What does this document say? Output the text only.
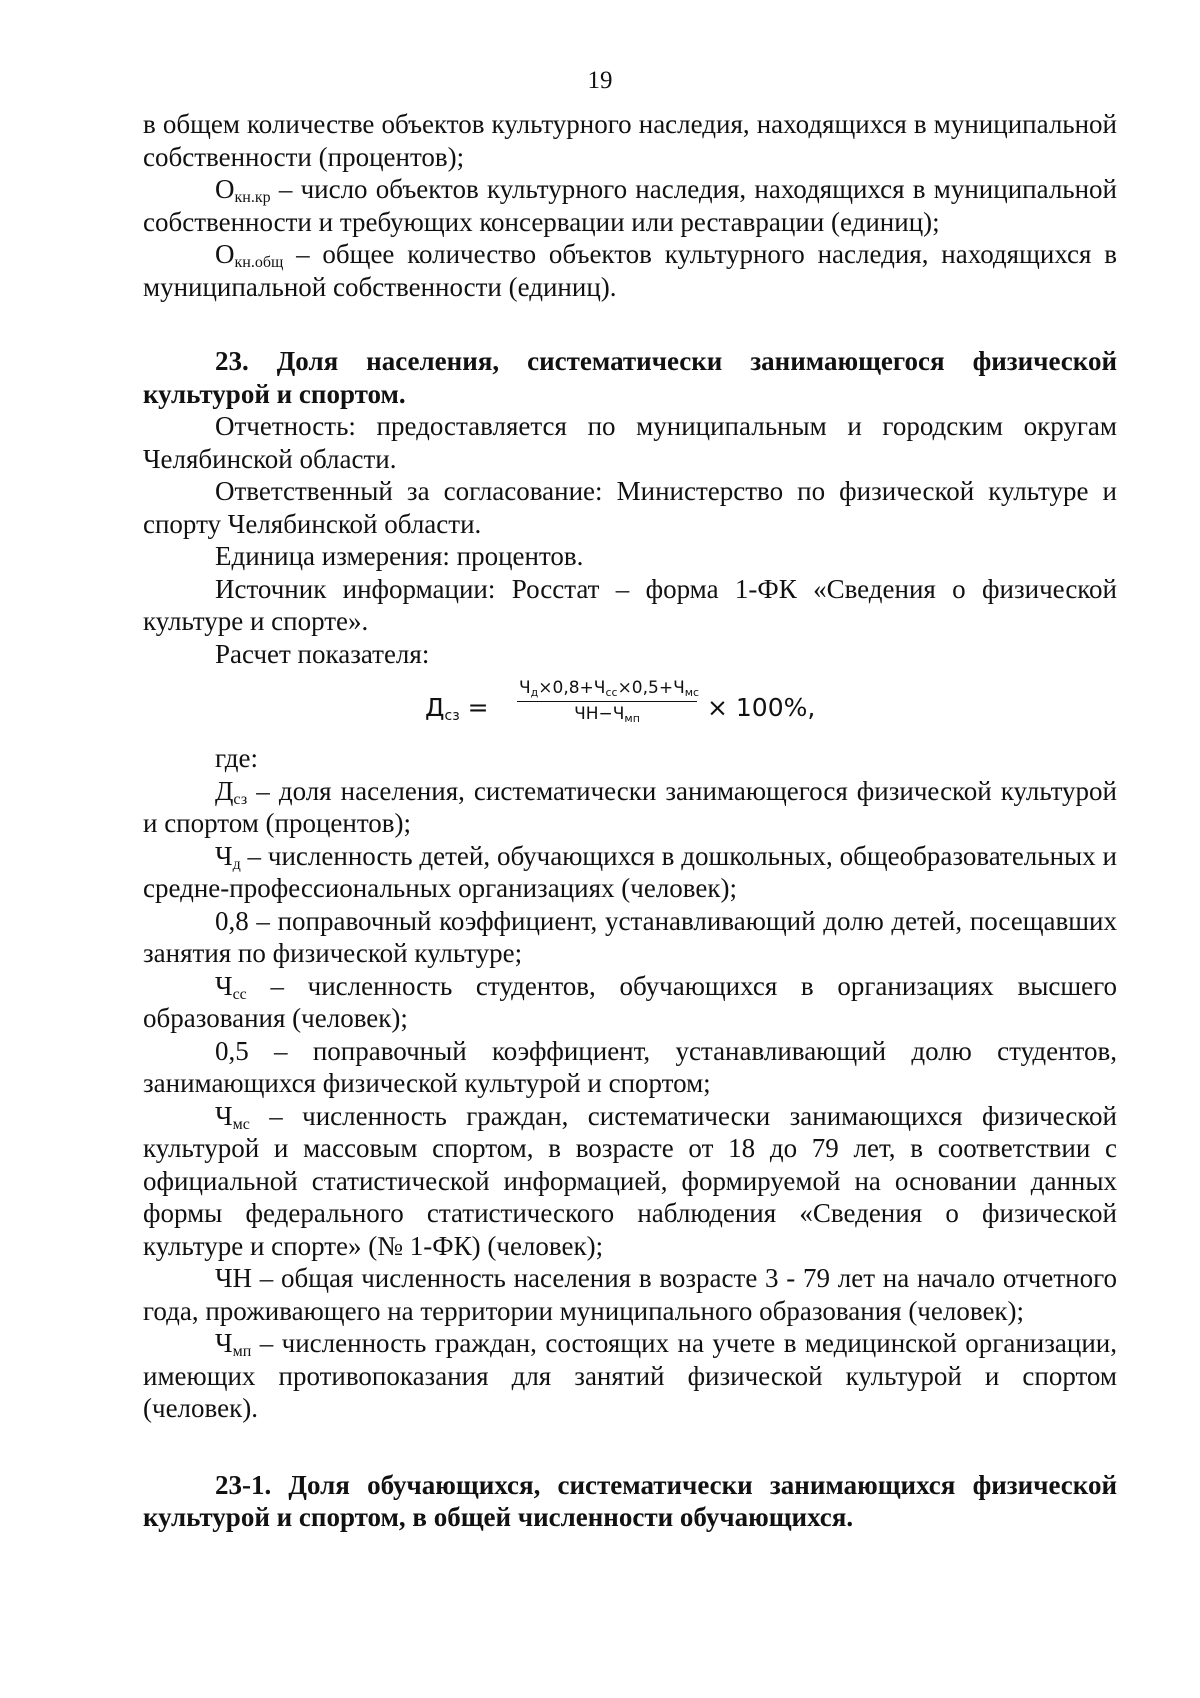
19

в общем количестве объектов культурного наследия, находящихся в муниципальной собственности (процентов);

$О_{кн.кр}$ – число объектов культурного наследия, находящихся в муниципальной собственности и требующих консервации или реставрации (единиц);

$О_{кн.общ}$ – общее количество объектов культурного наследия, находящихся в муниципальной собственности (единиц).

23. Доля населения, систематически занимающегося физической культурой и спортом.

Отчетность: предоставляется по муниципальным и городским округам Челябинской области.

Ответственный за согласование: Министерство по физической культуре и спорту Челябинской области.

Единица измерения: процентов.

Источник информации: Росстат – форма 1-ФК «Сведения о физической культуре и спорте».

Расчет показателя:

$Д_{сз}$ =
$Ч_д\times 0,8+Ч_{сс}\times 0,5+Ч_{мс}$
$ЧН-Ч_{мп}$	× 100%,

где:

$Д_{сз}$ – доля населения, систематически занимающегося физической культурой и спортом (процентов);

$Ч_д$ – численность детей, обучающихся в дошкольных, общеобразовательных и средне-профессиональных организациях (человек);

0,8 – поправочный коэффициент, устанавливающий долю детей, посещавших занятия по физической культуре;

$Ч_{сс}$ – численность студентов, обучающихся в организациях высшего образования (человек);

0,5 – поправочный коэффициент, устанавливающий долю студентов, занимающихся физической культурой и спортом;

$Ч_{мс}$ – численность граждан, систематически занимающихся физической культурой и массовым спортом, в возрасте от 18 до 79 лет, в соответствии с официальной статистической информацией, формируемой на основании данных формы федерального статистического наблюдения «Сведения о физической культуре и спорте» (№ 1-ФК) (человек);

ЧН – общая численность населения в возрасте 3 - 79 лет на начало отчетного года, проживающего на территории муниципального образования (человек);

$Ч_{мп}$ – численность граждан, состоящих на учете в медицинской организации, имеющих противопоказания для занятий физической культурой и спортом (человек).

23-1. Доля обучающихся, систематически занимающихся физической культурой и спортом, в общей численности обучающихся.
